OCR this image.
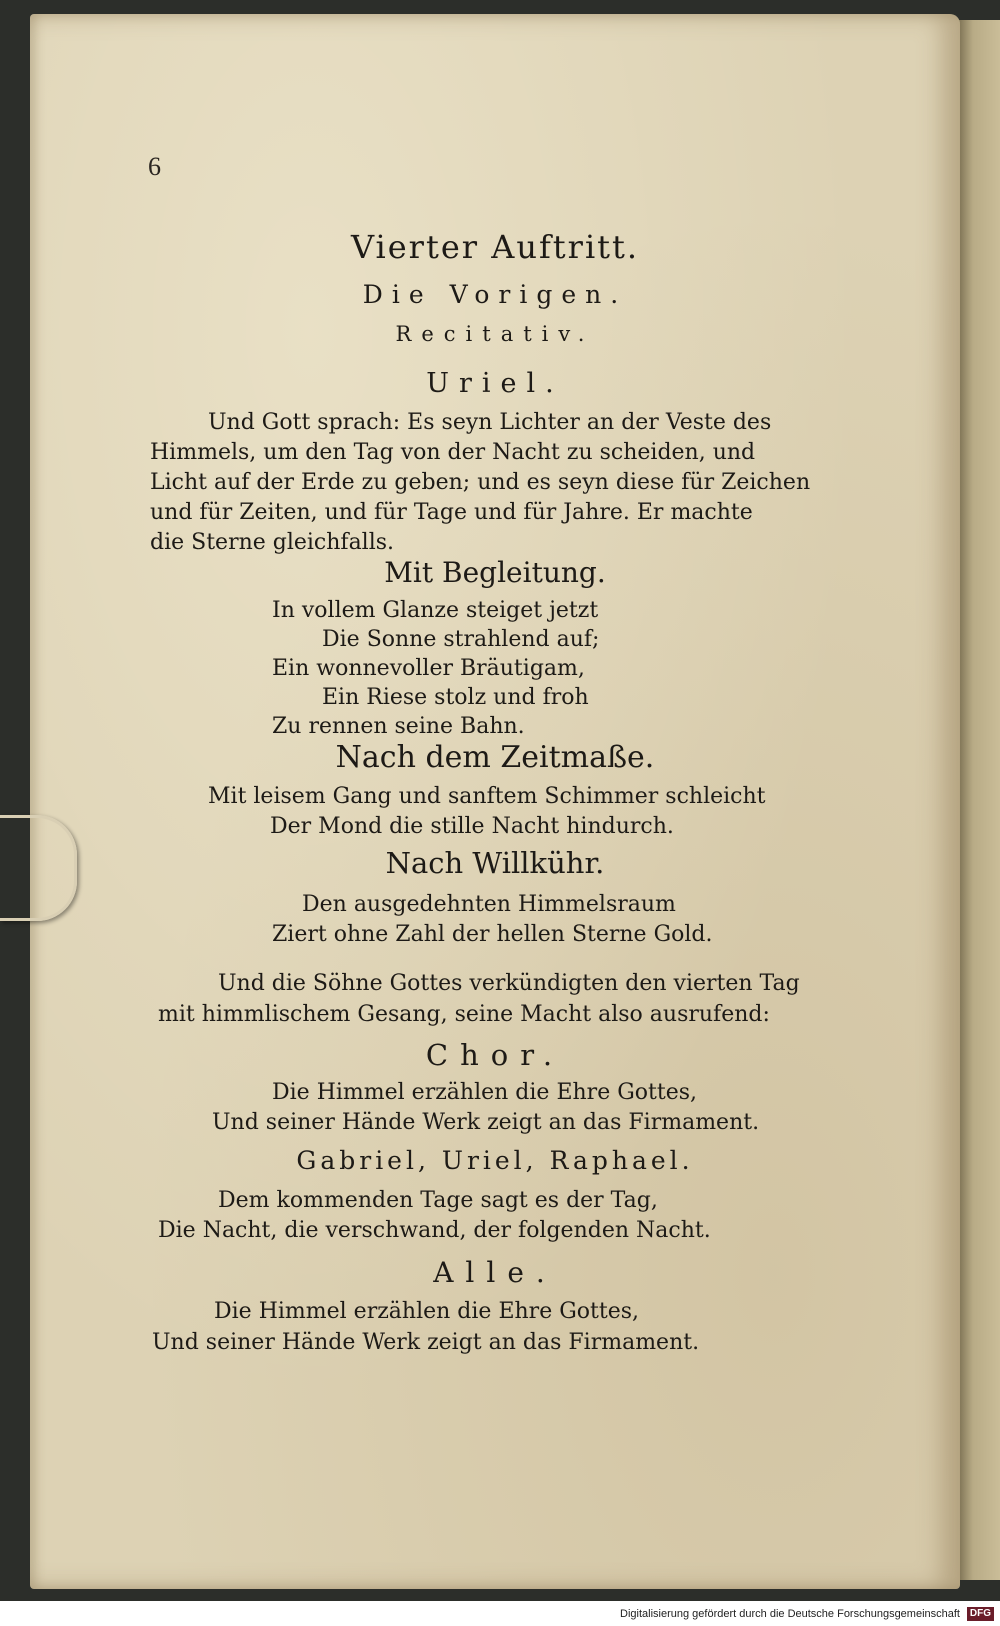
6
Vierter Auftritt.
Die Vorigen.
Recitativ.
Uriel.
Und Gott sprach: Es seyn Lichter an der Veste des
Himmels, um den Tag von der Nacht zu scheiden, und
Licht auf der Erde zu geben; und es seyn diese für Zeichen
und für Zeiten, und für Tage und für Jahre. Er machte
die Sterne gleichfalls.
Mit Begleitung.
In vollem Glanze steiget jetzt
Die Sonne strahlend auf;
Ein wonnevoller Bräutigam,
Ein Riese stolz und froh
Zu rennen seine Bahn.
Nach dem Zeitmaße.
Mit leisem Gang und sanftem Schimmer schleicht
Der Mond die stille Nacht hindurch.
Nach Willkühr.
Den ausgedehnten Himmelsraum
Ziert ohne Zahl der hellen Sterne Gold.
Und die Söhne Gottes verkündigten den vierten Tag
mit himmlischem Gesang, seine Macht also ausrufend:
Chor.
Die Himmel erzählen die Ehre Gottes,
Und seiner Hände Werk zeigt an das Firmament.
Gabriel, Uriel, Raphael.
Dem kommenden Tage sagt es der Tag,
Die Nacht, die verschwand, der folgenden Nacht.
Alle.
Die Himmel erzählen die Ehre Gottes,
Und seiner Hände Werk zeigt an das Firmament.
Digitalisierung gefördert durch die Deutsche Forschungsgemeinschaft DFG
